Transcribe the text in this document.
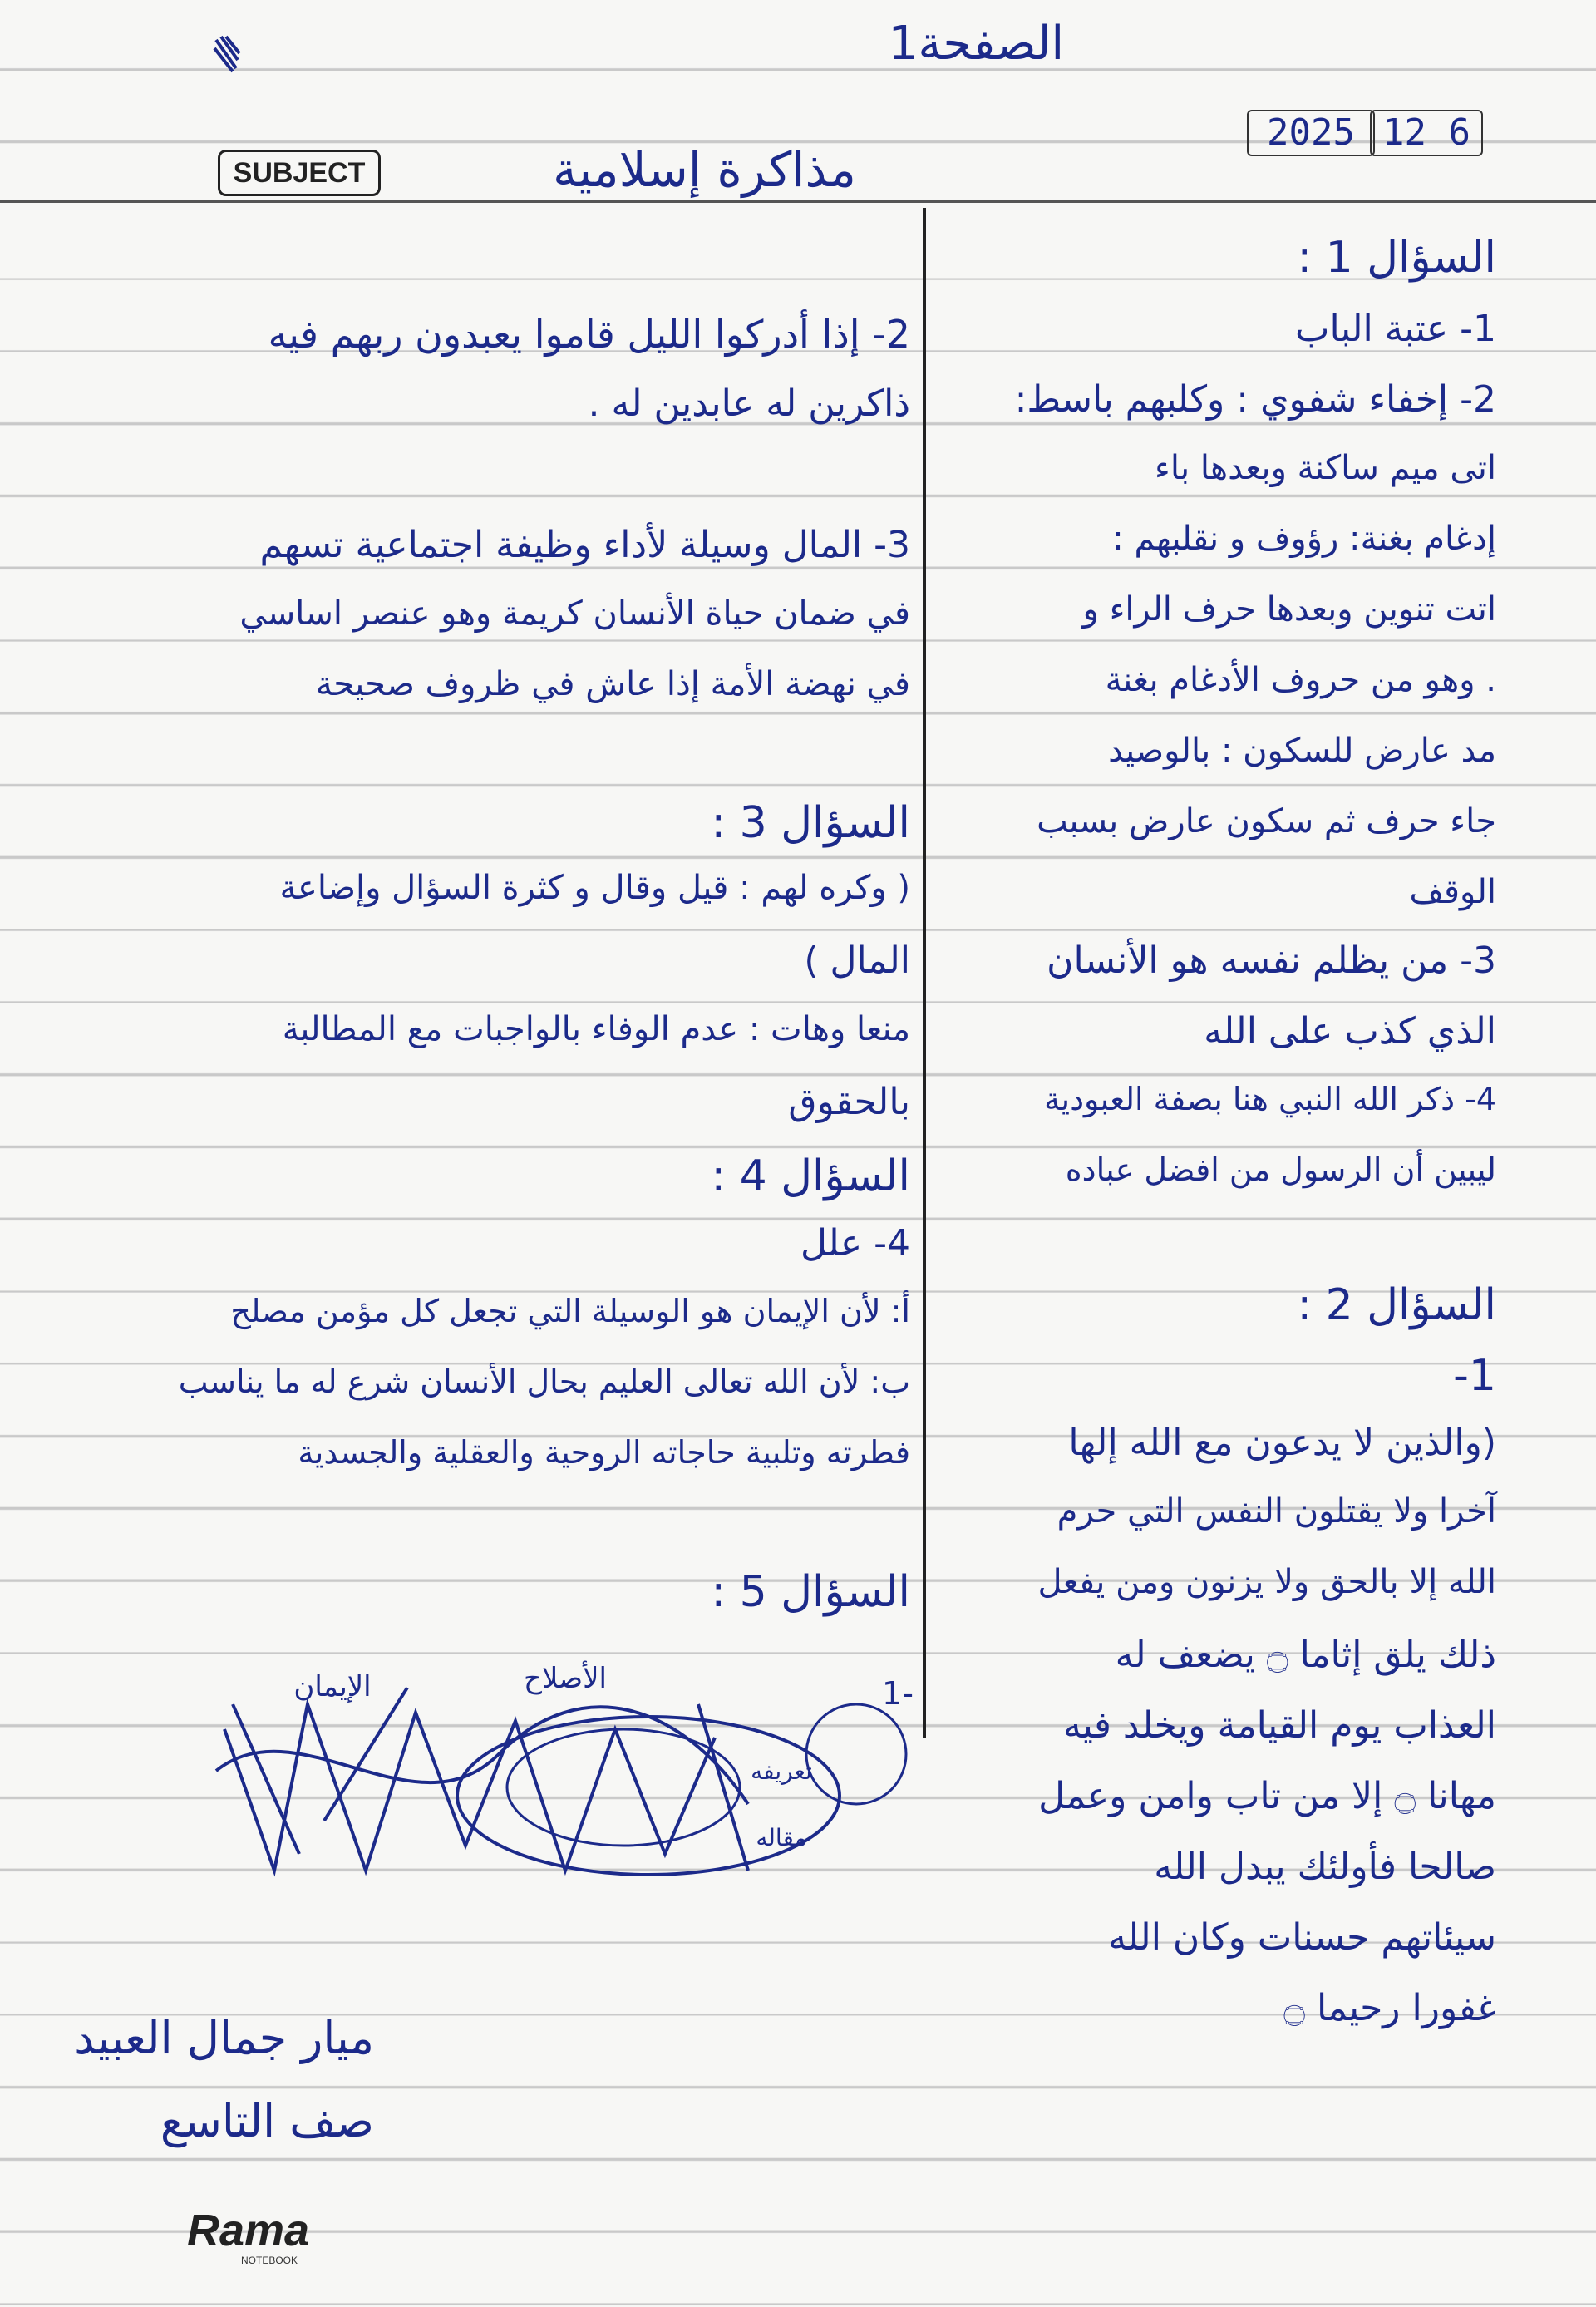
الصفحة1
2025 12 6
SUBJECT	مذاكرة إسلامية
السؤال 1 :
1- عتبة الباب
2- إخفاء شفوي : وكلبهم باسط:
اتى ميم ساكنة وبعدها باء
إدغام بغنة: رؤوف و نقلبهم :
اتت تنوين وبعدها حرف الراء و
. وهو من حروف الأدغام بغنة
مد عارض للسكون : بالوصيد
جاء حرف ثم سكون عارض بسبب
الوقف
3- من يظلم نفسه هو الأنسان
الذي كذب على الله
4- ذكر الله النبي هنا بصفة العبودية
ليبين أن الرسول من افضل عباده
السؤال 2 :
1-
(والذين لا يدعون مع الله إلها
آخرا ولا يقتلون النفس التي حرم
الله إلا بالحق ولا يزنون ومن يفعل
ذلك يلق إثاما ۝ يضعف له
العذاب يوم القيامة ويخلد فيه
مهانا ۝ إلا من تاب وامن وعمل
صالحا فأولئك يبدل الله
سيئاتهم حسنات وكان الله
غفورا رحيما ۝
2- إذا أدركوا الليل قاموا يعبدون ربهم فيه
ذاكرين له عابدين له .
3- المال وسيلة لأداء وظيفة اجتماعية تسهم
في ضمان حياة الأنسان كريمة وهو عنصر اساسي
في نهضة الأمة إذا عاش في ظروف صحيحة
السؤال 3 :
( وكره لهم : قيل وقال و كثرة السؤال وإضاعة
المال )
منعا وهات : عدم الوفاء بالواجبات مع المطالبة
بالحقوق
السؤال 4 :
4- علل
أ: لأن الإيمان هو الوسيلة التي تجعل كل مؤمن مصلح
ب: لأن الله تعالى العليم بحال الأنسان شرع له ما يناسب
فطرته وتلبية حاجاته الروحية والعقلية والجسدية
السؤال 5 :
الإيمان	الأصلاح
تعريفه
مقاله
1-
ميار جمال العبيد
صف التاسع
Rama
NOTEBOOK
